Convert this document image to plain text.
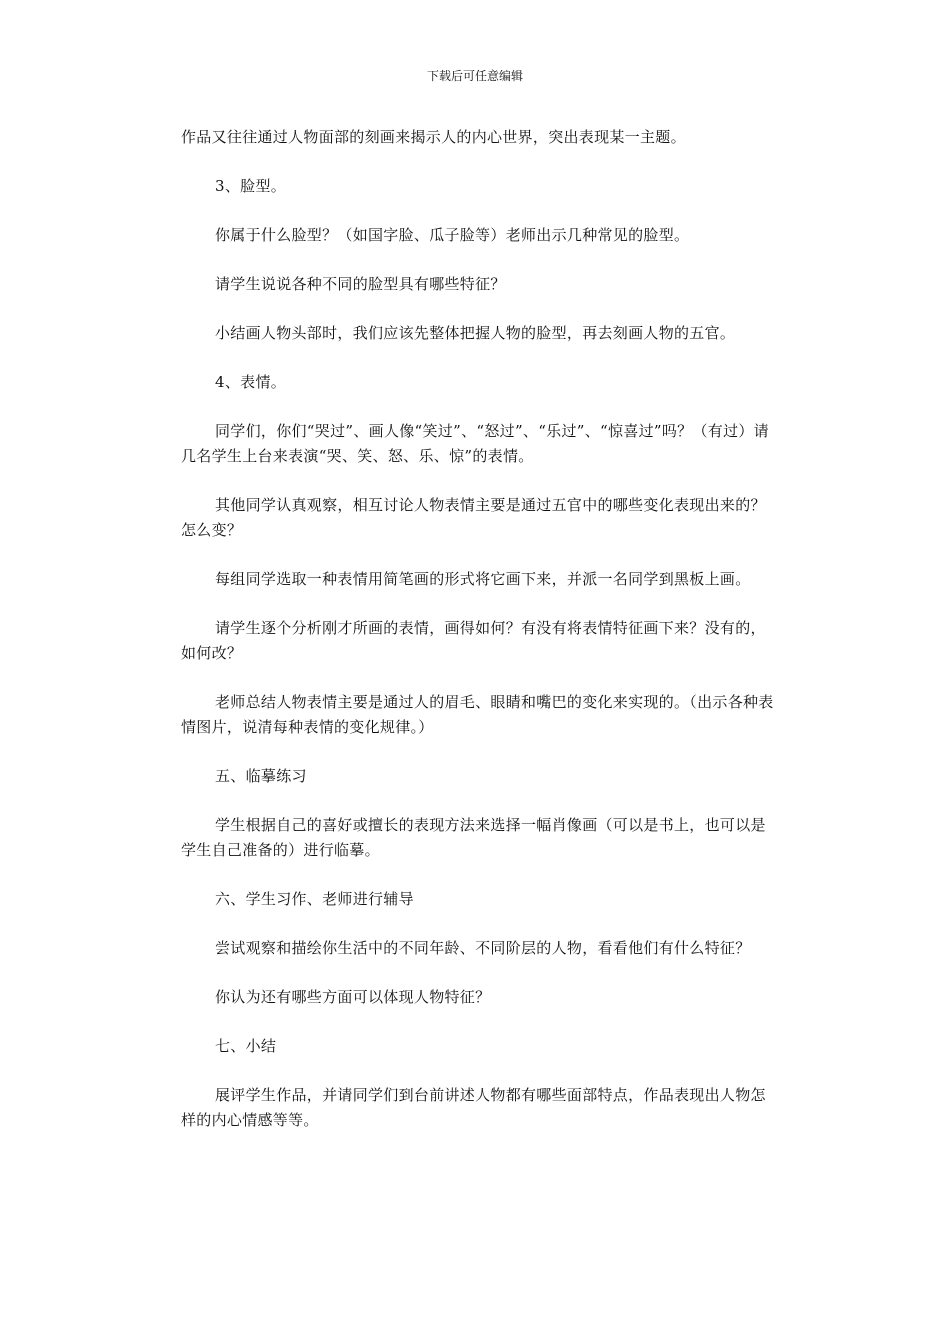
下载后可任意编辑

作品又往往通过人物面部的刻画来揭示人的内心世界，突出表现某一主题。

3、脸型。

你属于什么脸型？（如国字脸、瓜子脸等）老师出示几种常见的脸型。

请学生说说各种不同的脸型具有哪些特征？

小结画人物头部时，我们应该先整体把握人物的脸型，再去刻画人物的五官。

4、表情。

同学们，你们“哭过”、画人像“笑过”、“怒过”、“乐过”、“惊喜过”吗？（有过）请几名学生上台来表演“哭、笑、怒、乐、惊”的表情。

其他同学认真观察，相互讨论人物表情主要是通过五官中的哪些变化表现出来的？怎么变？

每组同学选取一种表情用简笔画的形式将它画下来，并派一名同学到黑板上画。

请学生逐个分析刚才所画的表情，画得如何？有没有将表情特征画下来？没有的，如何改？

老师总结人物表情主要是通过人的眉毛、眼睛和嘴巴的变化来实现的。（出示各种表情图片，说清每种表情的变化规律。）

五、临摹练习

学生根据自己的喜好或擅长的表现方法来选择一幅肖像画（可以是书上，也可以是学生自己准备的）进行临摹。

六、学生习作、老师进行辅导

尝试观察和描绘你生活中的不同年龄、不同阶层的人物，看看他们有什么特征？

你认为还有哪些方面可以体现人物特征？

七、小结

展评学生作品，并请同学们到台前讲述人物都有哪些面部特点，作品表现出人物怎样的内心情感等等。
